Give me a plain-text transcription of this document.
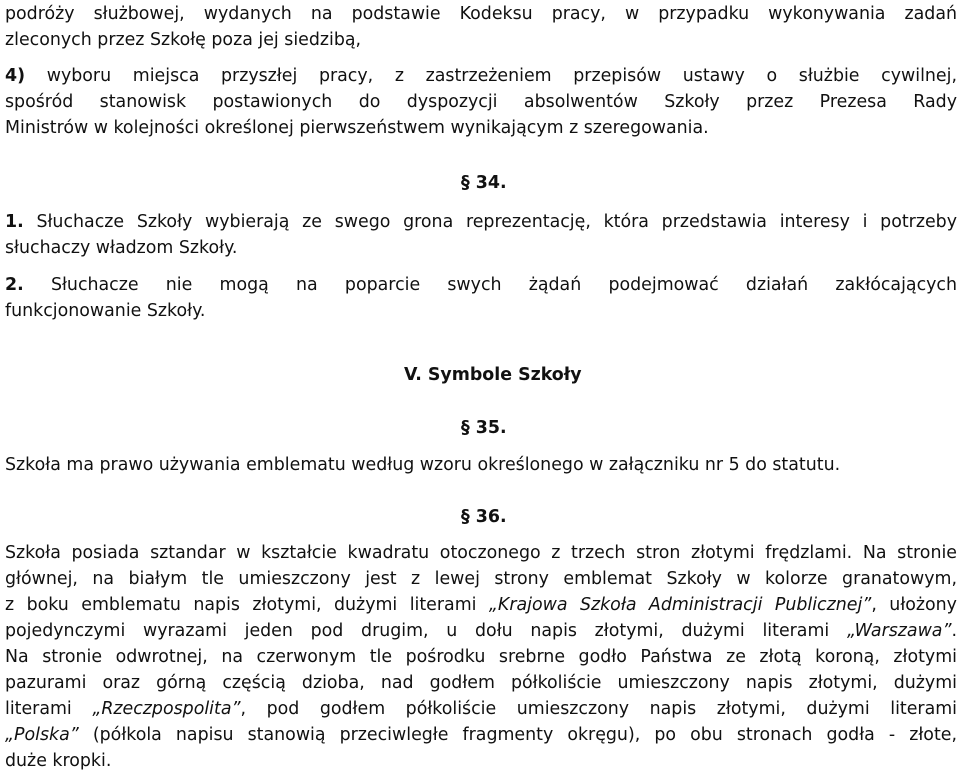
podróży służbowej, wydanych na podstawie Kodeksu pracy, w przypadku wykonywania zadań
zleconych przez Szkołę poza jej siedzibą,
4) wyboru miejsca przyszłej pracy, z zastrzeżeniem przepisów ustawy o służbie cywilnej,
spośród stanowisk postawionych do dyspozycji absolwentów Szkoły przez Prezesa Rady
Ministrów w kolejności określonej pierwszeństwem wynikającym z szeregowania.
§ 34.
1. Słuchacze Szkoły wybierają ze swego grona reprezentację, która przedstawia interesy i potrzeby
słuchaczy władzom Szkoły.
2. Słuchacze nie mogą na poparcie swych żądań podejmować działań zakłócających
funkcjonowanie Szkoły.
V. Symbole Szkoły
§ 35.
Szkoła ma prawo używania emblematu według wzoru określonego w załączniku nr 5 do statutu.
§ 36.
Szkoła posiada sztandar w kształcie kwadratu otoczonego z trzech stron złotymi frędzlami. Na stronie
głównej, na białym tle umieszczony jest z lewej strony emblemat Szkoły w kolorze granatowym,
z boku emblematu napis złotymi, dużymi literami „Krajowa Szkoła Administracji Publicznej”, ułożony
pojedynczymi wyrazami jeden pod drugim, u dołu napis złotymi, dużymi literami „Warszawa”.
Na stronie odwrotnej, na czerwonym tle pośrodku srebrne godło Państwa ze złotą koroną, złotymi
pazurami oraz górną częścią dzioba, nad godłem półkoliście umieszczony napis złotymi, dużymi
literami „Rzeczpospolita”, pod godłem półkoliście umieszczony napis złotymi, dużymi literami
„Polska” (półkola napisu stanowią przeciwległe fragmenty okręgu), po obu stronach godła - złote,
duże kropki.
